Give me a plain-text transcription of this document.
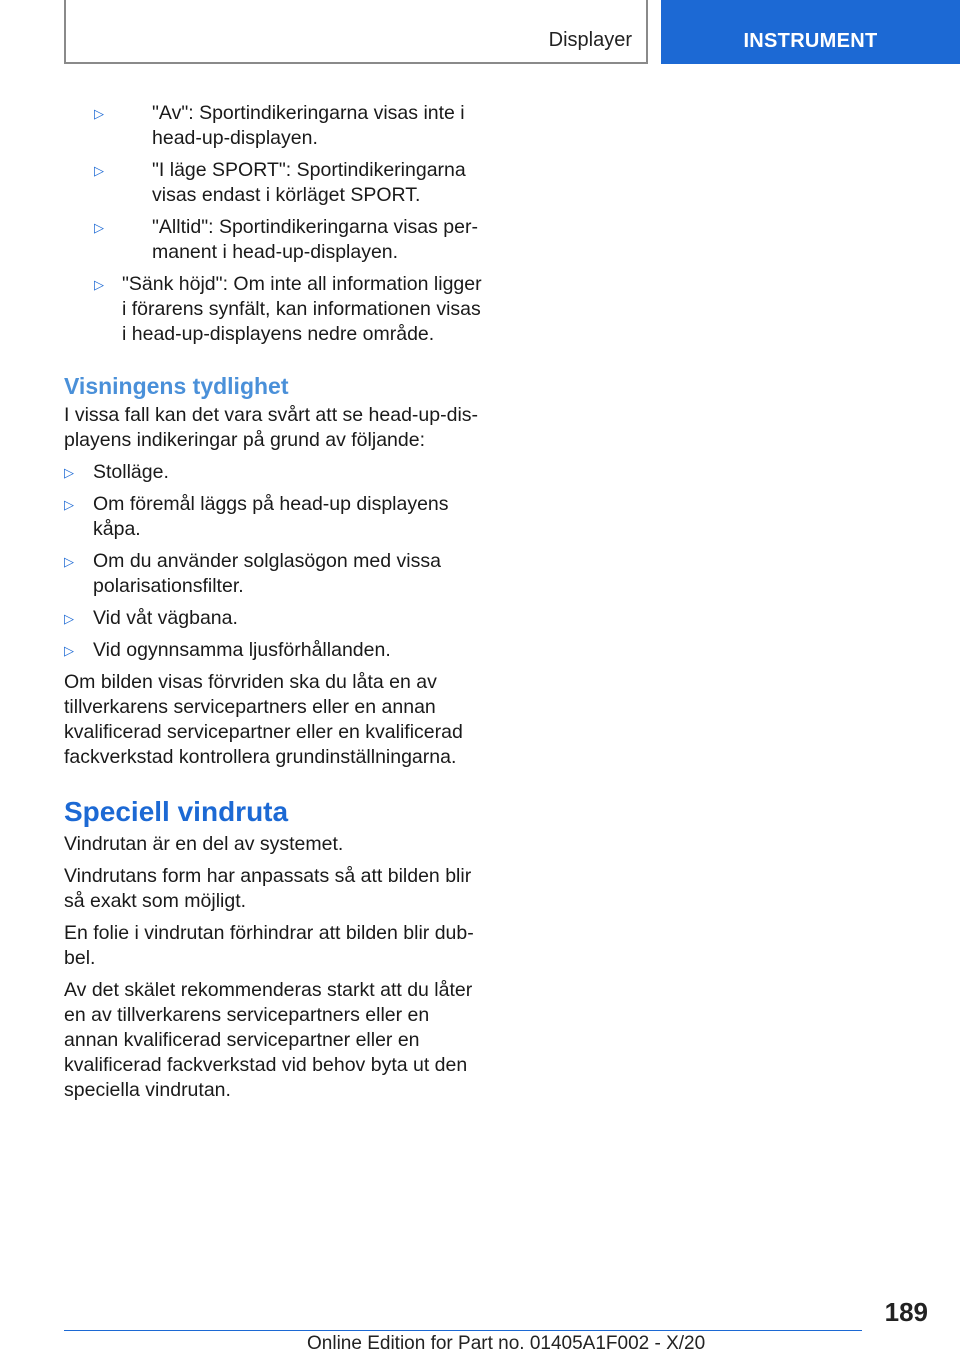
Displayer	INSTRUMENT
▷ "Av": Sportindikeringarna visas inte i head-up-displayen.
▷ "I läge SPORT": Sportindikeringarna visas endast i körläget SPORT.
▷ "Alltid": Sportindikeringarna visas permanent i head-up-displayen.
▷ "Sänk höjd": Om inte all information ligger i förarens synfält, kan informationen visas i head-up-displayens nedre område.
Visningens tydlighet
I vissa fall kan det vara svårt att se head-up-displayens indikeringar på grund av följande:
▷ Stolläge.
▷ Om föremål läggs på head-up displayens kåpa.
▷ Om du använder solglasögon med vissa polarisationsfilter.
▷ Vid våt vägbana.
▷ Vid ogynnsamma ljusförhållanden.
Om bilden visas förvriden ska du låta en av tillverkarens servicepartners eller en annan kvalificerad servicepartner eller en kvalificerad fackverkstad kontrollera grundinställningarna.
Speciell vindruta
Vindrutan är en del av systemet.
Vindrutans form har anpassats så att bilden blir så exakt som möjligt.
En folie i vindrutan förhindrar att bilden blir dubbel.
Av det skälet rekommenderas starkt att du låter en av tillverkarens servicepartners eller en annan kvalificerad servicepartner eller en kvalificerad fackverkstad vid behov byta ut den speciella vindrutan.
189
Online Edition for Part no. 01405A1F002 - X/20
